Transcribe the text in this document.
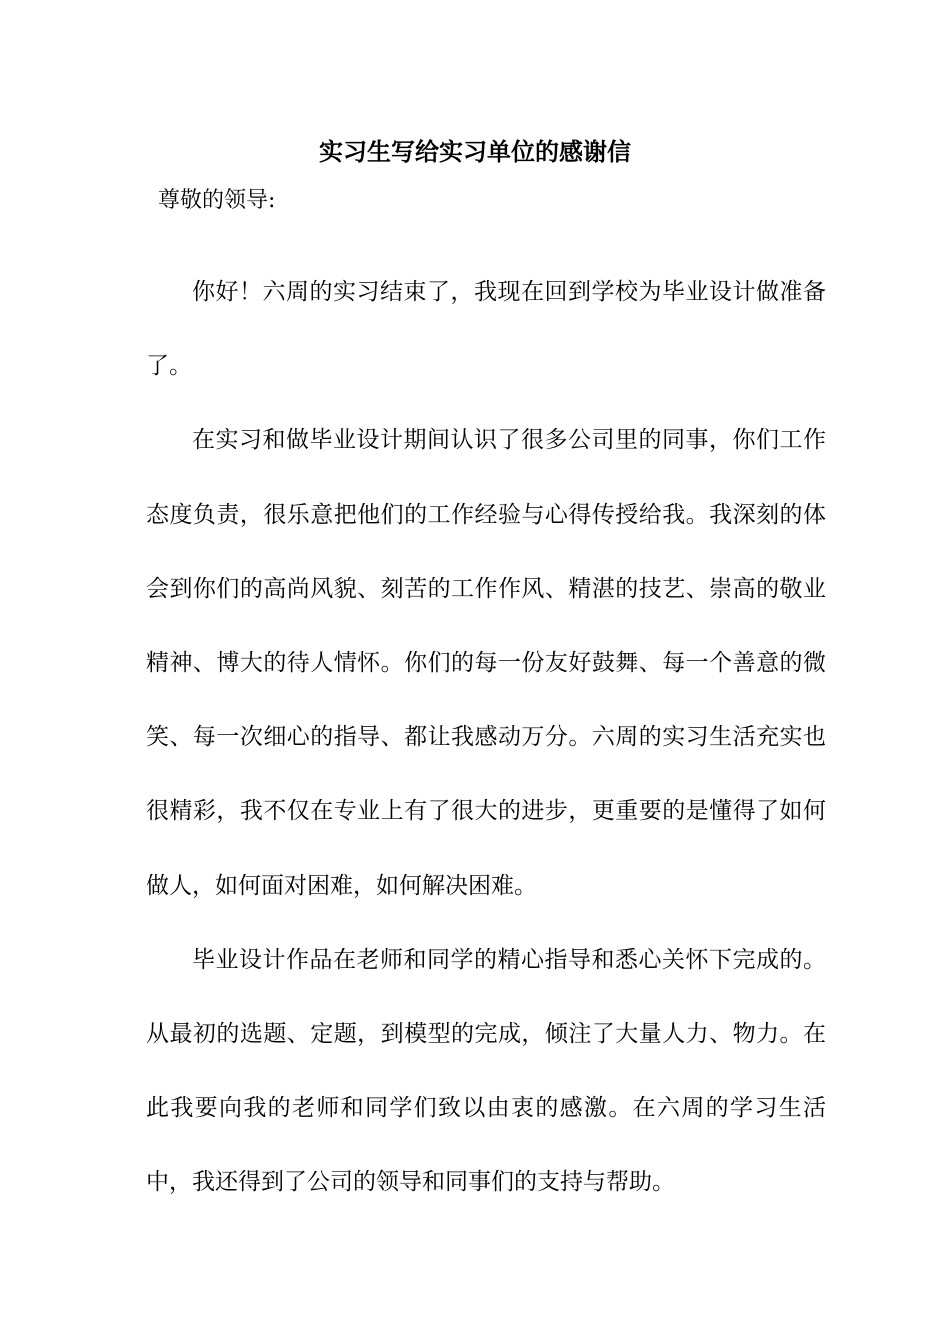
实习生写给实习单位的感谢信

尊敬的领导:

你好！六周的实习结束了，我现在回到学校为毕业设计做准备了。

在实习和做毕业设计期间认识了很多公司里的同事，你们工作态度负责，很乐意把他们的工作经验与心得传授给我。我深刻的体会到你们的高尚风貌、刻苦的工作作风、精湛的技艺、崇高的敬业精神、博大的待人情怀。你们的每一份友好鼓舞、每一个善意的微笑、每一次细心的指导、都让我感动万分。六周的实习生活充实也很精彩，我不仅在专业上有了很大的进步，更重要的是懂得了如何做人，如何面对困难，如何解决困难。

毕业设计作品在老师和同学的精心指导和悉心关怀下完成的。从最初的选题、定题，到模型的完成，倾注了大量人力、物力。在此我要向我的老师和同学们致以由衷的感激。在六周的学习生活中，我还得到了公司的领导和同事们的支持与帮助。
